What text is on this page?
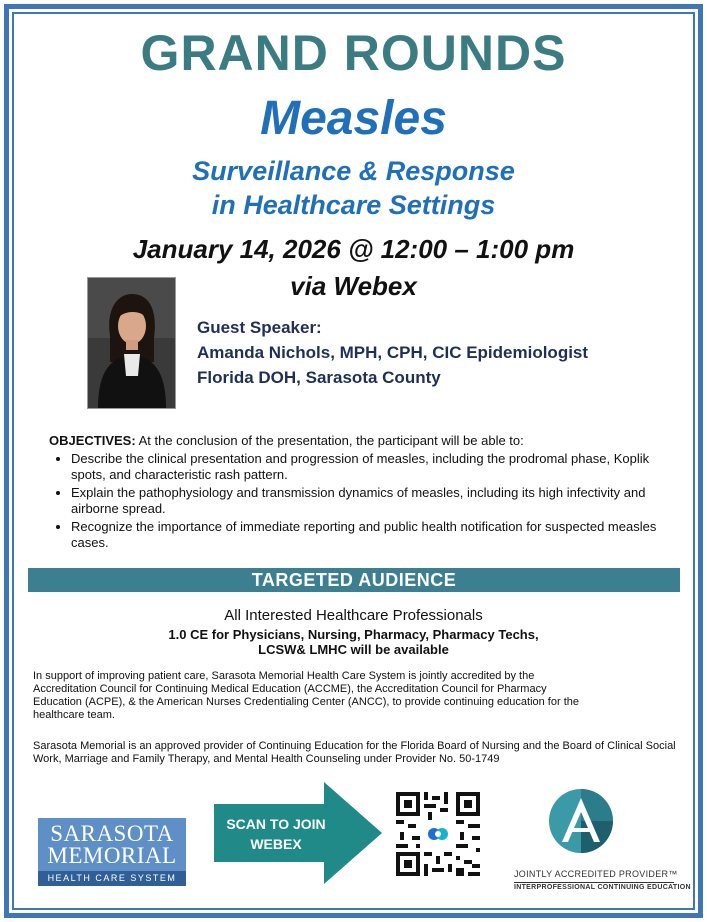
GRAND ROUNDS
Measles
Surveillance & Response
in Healthcare Settings
January 14, 2026 @ 12:00 – 1:00 pm
via Webex
Guest Speaker:
Amanda Nichols, MPH, CPH, CIC Epidemiologist
Florida DOH, Sarasota County
OBJECTIVES: At the conclusion of the presentation, the participant will be able to:
• Describe the clinical presentation and progression of measles, including the prodromal phase, Koplik spots, and characteristic rash pattern.
• Explain the pathophysiology and transmission dynamics of measles, including its high infectivity and airborne spread.
• Recognize the importance of immediate reporting and public health notification for suspected measles cases.
TARGETED AUDIENCE
All Interested Healthcare Professionals
1.0 CE for Physicians, Nursing, Pharmacy, Pharmacy Techs,
LCSW& LMHC will be available
In support of improving patient care, Sarasota Memorial Health Care System is jointly accredited by the Accreditation Council for Continuing Medical Education (ACCME), the Accreditation Council for Pharmacy Education (ACPE), & the American Nurses Credentialing Center (ANCC), to provide continuing education for the healthcare team.
Sarasota Memorial is an approved provider of Continuing Education for the Florida Board of Nursing and the Board of Clinical Social Work, Marriage and Family Therapy, and Mental Health Counseling under Provider No. 50-1749
SARASOTA
MEMORIAL
HEALTH CARE SYSTEM
SCAN TO JOIN
WEBEX
JOINTLY ACCREDITED PROVIDER™
INTERPROFESSIONAL CONTINUING EDUCATION
